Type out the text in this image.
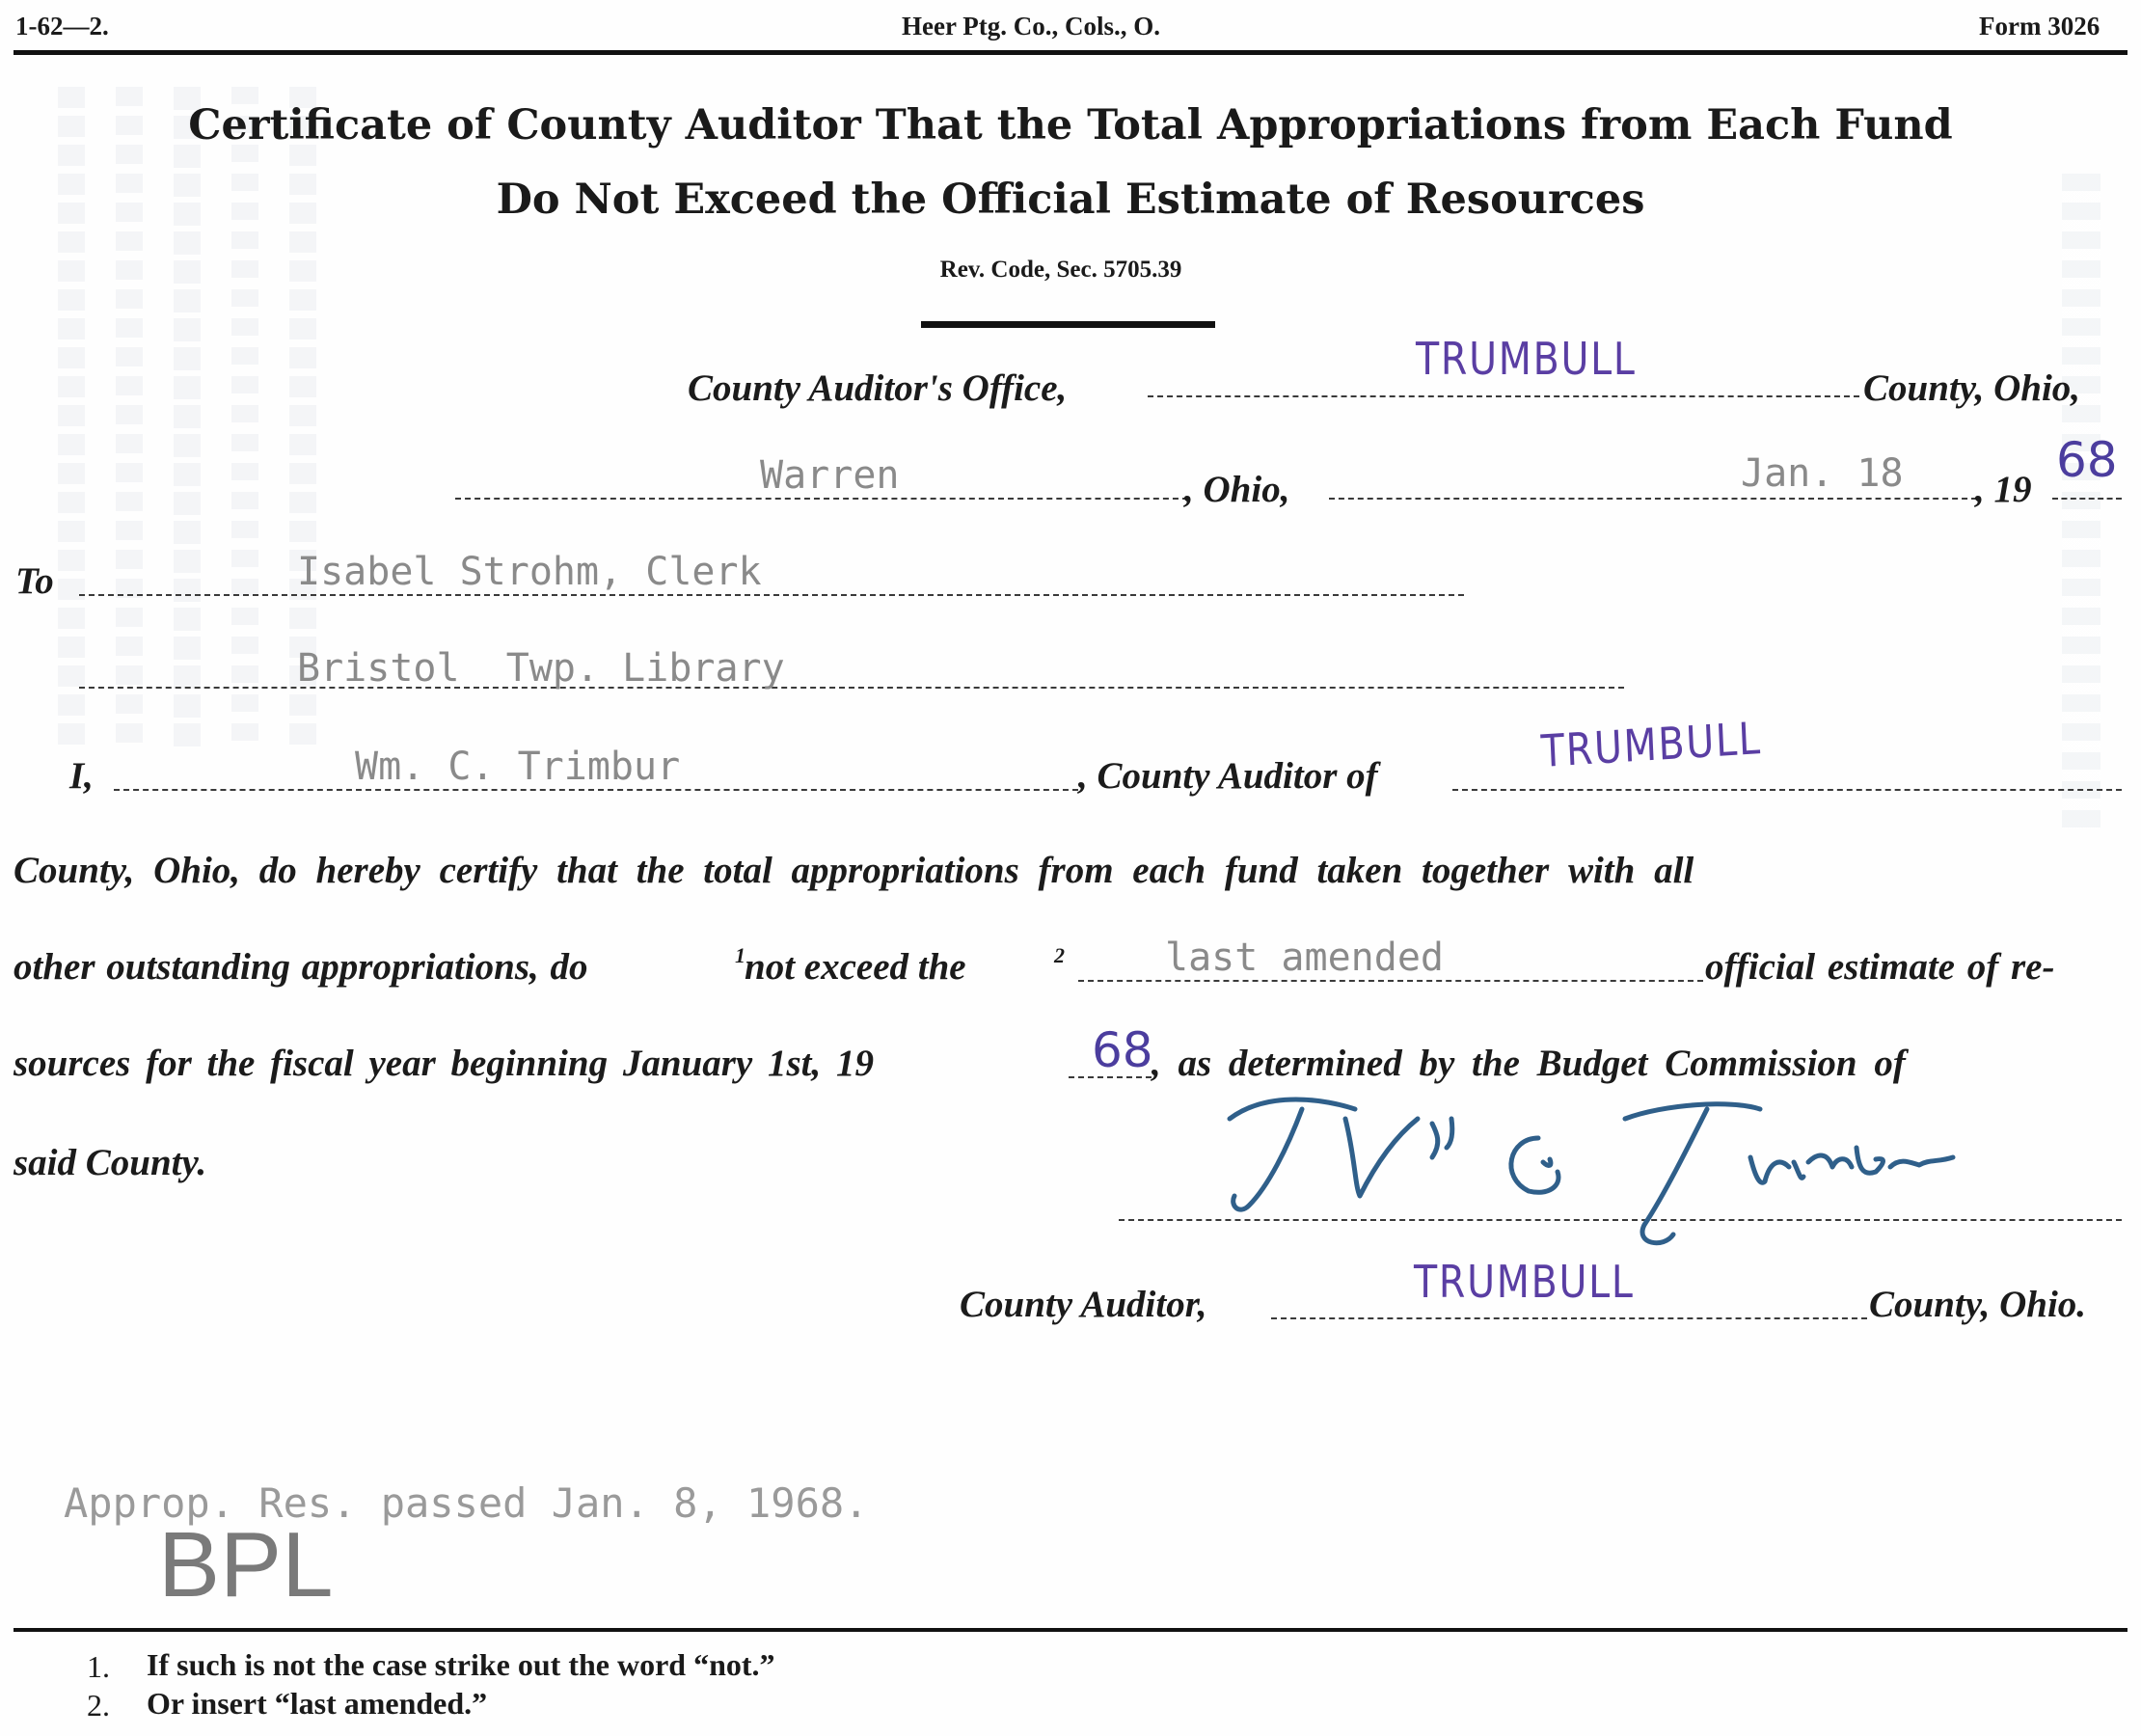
1-62—2.	Heer Ptg. Co., Cols., O.	Form 3026
Certificate of County Auditor That the Total Appropriations from Each Fund
Do Not Exceed the Official Estimate of Resources
Rev. Code, Sec. 5705.39
County Auditor's Office,
TRUMBULL
County, Ohio,
Warren	, Ohio,	Jan. 18 , 19
68
To	Isabel Strohm, Clerk
Bristol  Twp. Library
I,	Wm. C. Trimbur	, County Auditor of	TRUMBULL
County, Ohio, do hereby certify that the total appropriations from each fund taken together with all
other outstanding appropriations, do	1 not exceed the	2	last amended	official estimate of re-
sources for the fiscal year beginning January 1st, 19	68
, as determined by the Budget Commission of
said County.
County Auditor,	TRUMBULL	County, Ohio.
Approp. Res. passed Jan. 8, 1968.
BPL
1. If such is not the case strike out the word “not.”
2. Or insert “last amended.”
